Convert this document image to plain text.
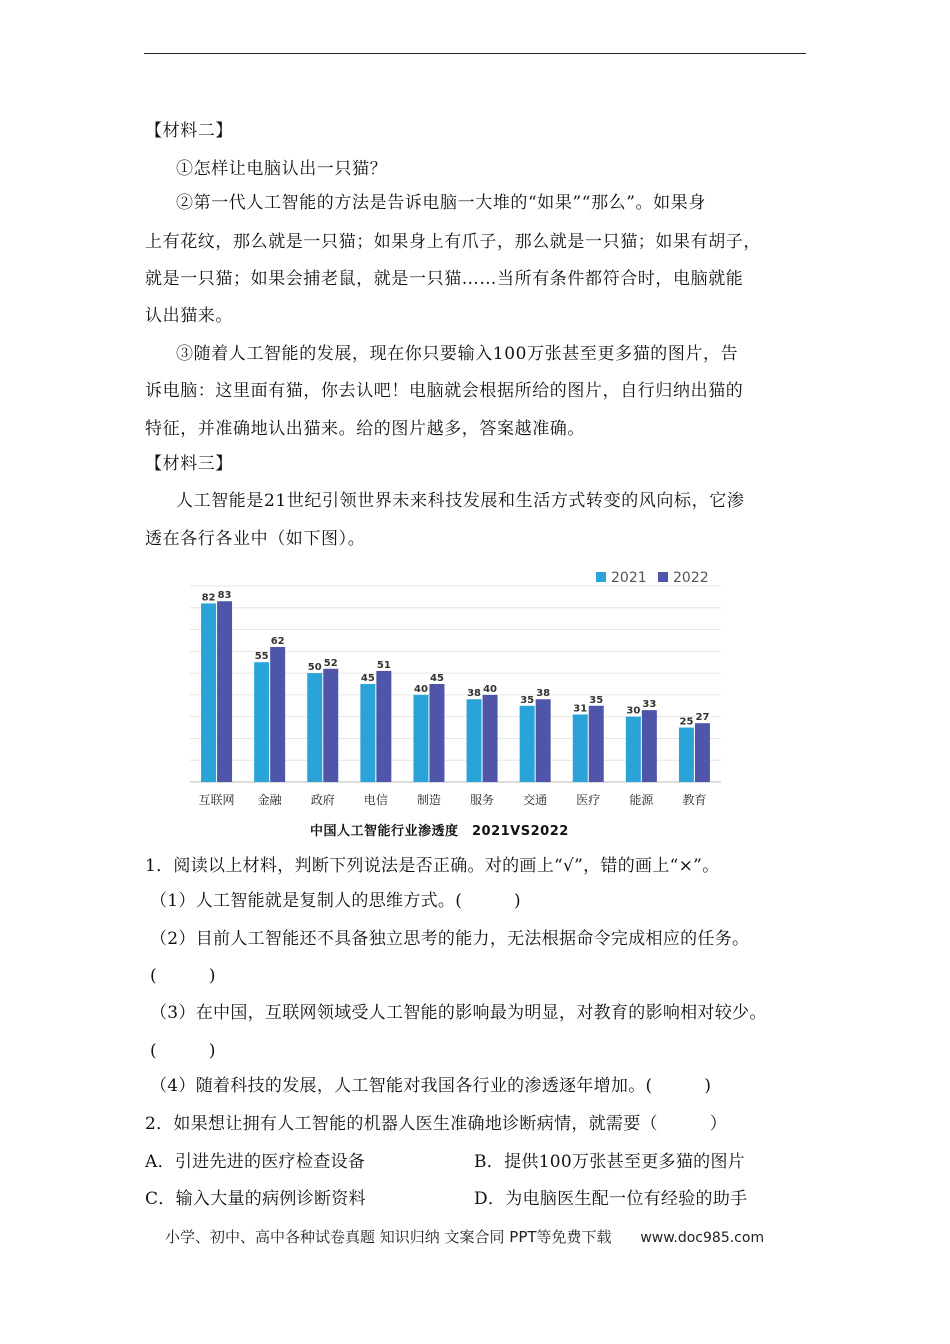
【材料二】
①怎样让电脑认出一只猫？
②第一代人工智能的方法是告诉电脑一大堆的“如果”“那么”。如果身
上有花纹，那么就是一只猫；如果身上有爪子，那么就是一只猫；如果有胡子，
就是一只猫；如果会捕老鼠，就是一只猫……当所有条件都符合时，电脑就能
认出猫来。
③随着人工智能的发展，现在你只要输入100万张甚至更多猫的图片，告
诉电脑：这里面有猫，你去认吧！电脑就会根据所给的图片，自行归纳出猫的
特征，并准确地认出猫来。给的图片越多，答案越准确。
【材料三】
人工智能是21世纪引领世界未来科技发展和生活方式转变的风向标，它渗
透在各行各业中（如下图）。
82 83
互联网
55
62
金融
50 52
政府
45
51
电信
40
45
制造
38 40
服务
35
38
交通
31
35
医疗
30
33
能源
25 27
教育
2021 2022
中国人工智能行业渗透度　2021VS2022
1．阅读以上材料，判断下列说法是否正确。对的画上“√”，错的画上“×”。
（1）人工智能就是复制人的思维方式。(　　　)
（2）目前人工智能还不具备独立思考的能力，无法根据命令完成相应的任务。
(　　　)
（3）在中国，互联网领域受人工智能的影响最为明显，对教育的影响相对较少。
(　　　)
（4）随着科技的发展，人工智能对我国各行业的渗透逐年增加。(　　　)
2．如果想让拥有人工智能的机器人医生准确地诊断病情，就需要（　　　）
A．引进先进的医疗检查设备	B．提供100万张甚至更多猫的图片
C．输入大量的病例诊断资料	D．为电脑医生配一位有经验的助手
小学、初中、高中各种试卷真题 知识归纳 文案合同 PPT等免费下载 www.doc985.com
